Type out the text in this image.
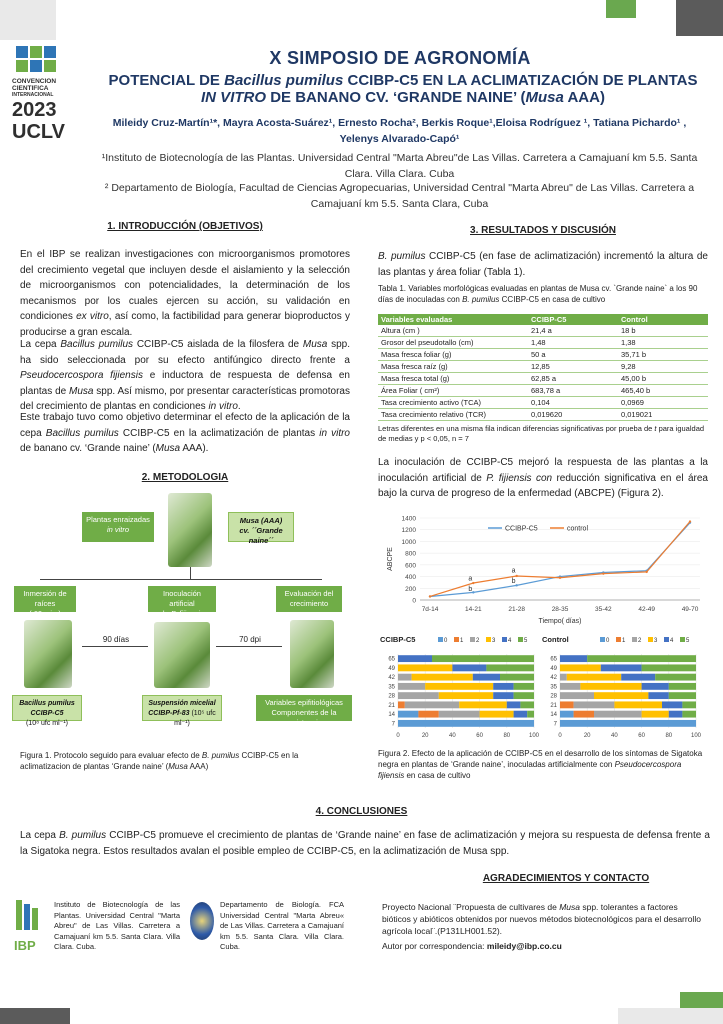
CONVENCION
CIENTIFICA
INTERNACIONAL
2023
UCLV
X SIMPOSIO DE AGRONOMÍA
POTENCIAL DE Bacillus pumilus CCIBP-C5 EN LA ACLIMATIZACIÓN DE PLANTAS IN VITRO DE BANANO CV. ‘GRANDE NAINE’ (Musa AAA)
Mileidy Cruz-Martín¹*, Mayra Acosta-Suárez¹, Ernesto Rocha², Berkis Roque¹,Eloisa Rodríguez ¹, Tatiana Pichardo¹ ,
Yelenys Alvarado-Capó¹
¹Instituto de Biotecnología de las Plantas. Universidad Central "Marta Abreu"de Las Villas. Carretera a Camajuaní km 5.5. Santa Clara. Villa Clara. Cuba
² Departamento de Biología, Facultad de Ciencias Agropecuarias, Universidad Central "Marta Abreu" de Las Villas. Carretera a Camajuaní km 5.5. Santa Clara, Cuba
1. INTRODUCCIÓN (OBJETIVOS)
En el IBP se realizan investigaciones con microorganismos promotores del crecimiento vegetal que incluyen desde el aislamiento y la selección de microorganismos con potencialidades, la determinación de los mecanismos por los cuales ejercen su acción, su validación en condiciones ex vitro, así como, la factibilidad para generar bioproductos y producirse a gran escala.
La cepa Bacillus pumilus CCIBP-C5 aislada de la filosfera de Musa spp. ha sido seleccionada por su efecto antifúngico directo frente a Pseudocercospora fijiensis e inductora de respuesta de defensa en plantas de Musa spp. Así mismo, por presentar características promotoras del crecimiento de plantas en condiciones in vitro.
Este trabajo tuvo como objetivo determinar el efecto de la aplicación de la cepa Bacillus pumilus CCIBP-C5 en la aclimatización de plantas in vitro de banano cv. ‘Grande naine’ (Musa AAA).
2. METODOLOGIA
Plantas enraizadas
in vitro
Musa (AAA)
cv. ´´Grande naine´´
Inmersión de raíces
( 60 min )
Inoculación artificial
de P. fijiensis
Evaluación del
crecimiento
90 días	70 dpi
Bacillus pumilus CCIBP-C5
(10⁸ ufc ml⁻¹)
Suspensión micelial
CCIBP-Pf-83 (10⁵ ufc ml⁻¹)
Variables epifitiológicas
Componentes de la resistencia
Figura 1. Protocolo seguido para evaluar efecto de B. pumilus CCIBP-C5 en la aclimatizacion de plantas ‘Grande naine’ (Musa AAA)
3. RESULTADOS Y DISCUSIÓN
B. pumilus CCIBP-C5 (en fase de aclimatización) incrementó la altura de las plantas y área foliar (Tabla 1).
Tabla 1. Variables morfológicas evaluadas en plantas de Musa cv. `Grande naine` a los 90 días de inoculadas con B. pumilus CCIBP-C5 en casa de cultivo
Variables evaluadas	CCIBP-C5	Control
Altura (cm )	21,4 a	18 b
Grosor del pseudotallo (cm)	1,48	1,38
Masa fresca foliar (g)	50 a	35,71 b
Masa fresca raíz (g)	12,85	9,28
Masa fresca total (g)	62,85 a	45,00 b
Área Foliar ( cm²)	683,78 a	465,40 b
Tasa crecimiento activo (TCA)	0,104	0,0969
Tasa crecimiento relativo (TCR)	0,019620	0,019021
Letras diferentes en una misma fila indican diferencias significativas por prueba de t para igualdad de medias y p < 0,05, n = 7
La inoculación de CCIBP-C5 mejoró la respuesta de las plantas a la inoculación artificial de P. fijiensis con reducción significativa en el área bajo la curva de progreso de la enfermedad (ABCPE) (Figura 2).
0
200
400
600
800
1000
1200
1400
7d-14	14-21	21-28	28-35	35-42	42-49	49-70
Tiempo( días)
ABCPE
CCIBP-C5	control
a
b
a
b
CCIBP-C5	0 1 2 3 4 5
0	20	40	60	80	100
65
49
42
35
28
21
14
7
Control	0 1 2 3 4 5
0	20	40	60	80	100
65
49
42
35
28
21
14
7
Figura 2. Efecto de la aplicación de CCIBP-C5 en el desarrollo de los síntomas de Sigatoka negra en plantas de ‘Grande naine’, inoculadas artificialmente con Pseudocercospora fijiensis en casa de cultivo
4. CONCLUSIONES
La cepa B. pumilus CCIBP-C5 promueve el crecimiento de plantas de ‘Grande naine’ en fase de aclimatización y mejora su respuesta de defensa frente a la Sigatoka negra. Estos resultados avalan el posible empleo de CCIBP-C5, en la aclimatización de Musa spp.
IBP
Instituto de Biotecnología de las Plantas. Universidad Central "Marta Abreu" de Las Villas. Carretera a Camajuaní km 5.5. Santa Clara. Villa Clara. Cuba.
Departamento de Biología. FCA Universidad Central "Marta Abreu« de Las Villas. Carretera a Camajuaní km 5.5. Santa Clara. Villa Clara. Cuba.
AGRADECIMIENTOS Y CONTACTO
Proyecto Nacional ¨Propuesta de cultivares de Musa spp. tolerantes a factores bióticos y abióticos obtenidos por nuevos métodos biotecnológicos para el desarrollo agrícola local¨.(P131LH001.52).
Autor por correspondencia: mileidy@ibp.co.cu
